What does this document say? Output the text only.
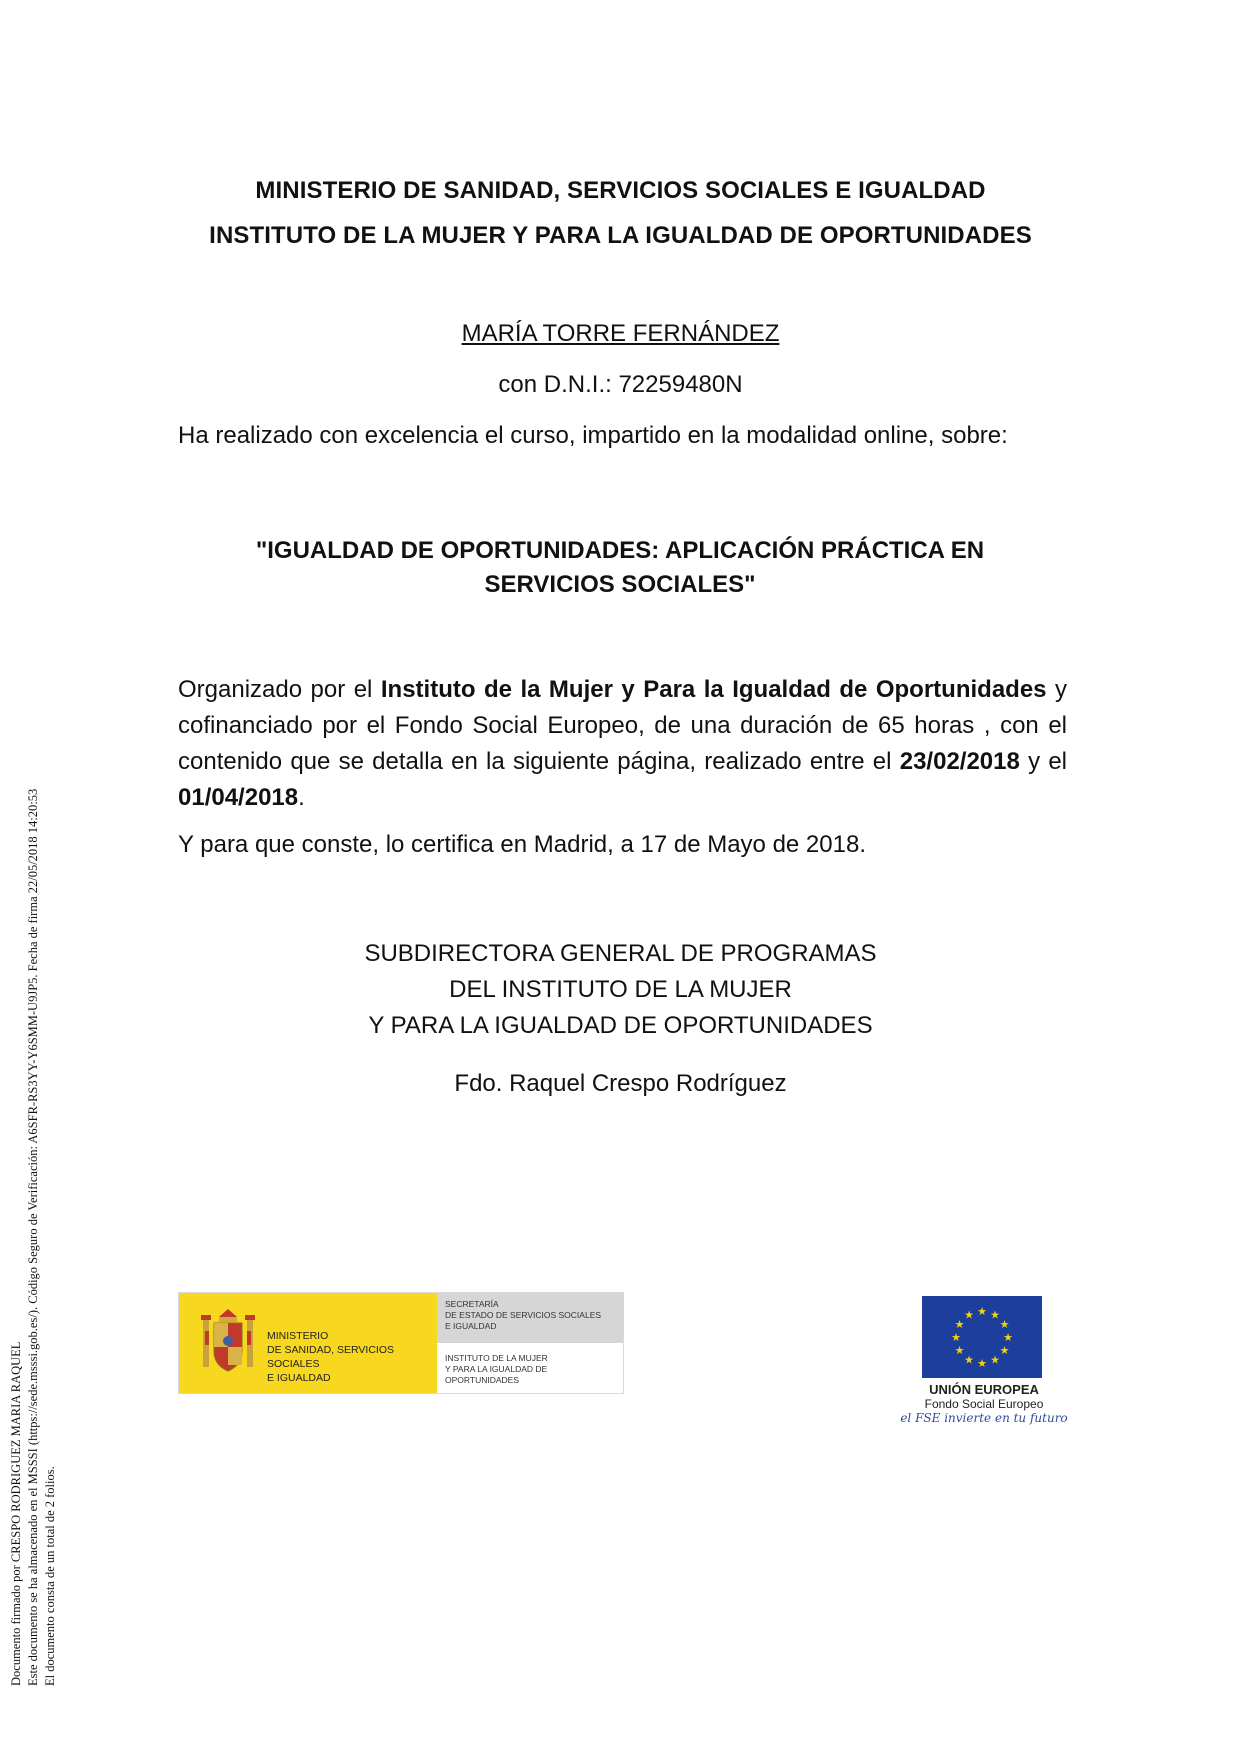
Documento firmado por CRESPO RODRIGUEZ MARIA RAQUEL Este documento se ha almacenado en el MSSSI (https://sede.msssi.gob.es/). Código Seguro de Verificación: A6SFR-RS3YY-Y6SMM-U9JP5. Fecha de firma 22/05/2018 14:20:53 El documento consta de un total de 2 folios.
MINISTERIO DE SANIDAD, SERVICIOS SOCIALES E IGUALDAD
INSTITUTO DE LA MUJER Y PARA LA IGUALDAD DE OPORTUNIDADES
MARÍA TORRE FERNÁNDEZ
con D.N.I.: 72259480N
Ha realizado con excelencia el curso, impartido en la modalidad online, sobre:
"IGUALDAD DE OPORTUNIDADES: APLICACIÓN PRÁCTICA EN
SERVICIOS SOCIALES"
Organizado por el Instituto de la Mujer y Para la Igualdad de Oportunidades y cofinanciado por el Fondo Social Europeo, de una duración de 65 horas , con el contenido que se detalla en la siguiente página, realizado entre el 23/02/2018 y el 01/04/2018.
Y para que conste, lo certifica en Madrid, a 17 de Mayo de 2018.
SUBDIRECTORA GENERAL DE PROGRAMAS
DEL INSTITUTO DE LA MUJER
Y PARA LA IGUALDAD DE OPORTUNIDADES
Fdo. Raquel Crespo Rodríguez
MINISTERIO
DE SANIDAD, SERVICIOS SOCIALES
E IGUALDAD
SECRETARÍA
DE ESTADO DE SERVICIOS SOCIALES
E IGUALDAD
INSTITUTO DE LA MUJER
Y PARA LA IGUALDAD DE OPORTUNIDADES
★ ★
★
★
★
★
★
★
★
★
★
★
UNIÓN EUROPEA
Fondo Social Europeo
el FSE invierte en tu futuro
